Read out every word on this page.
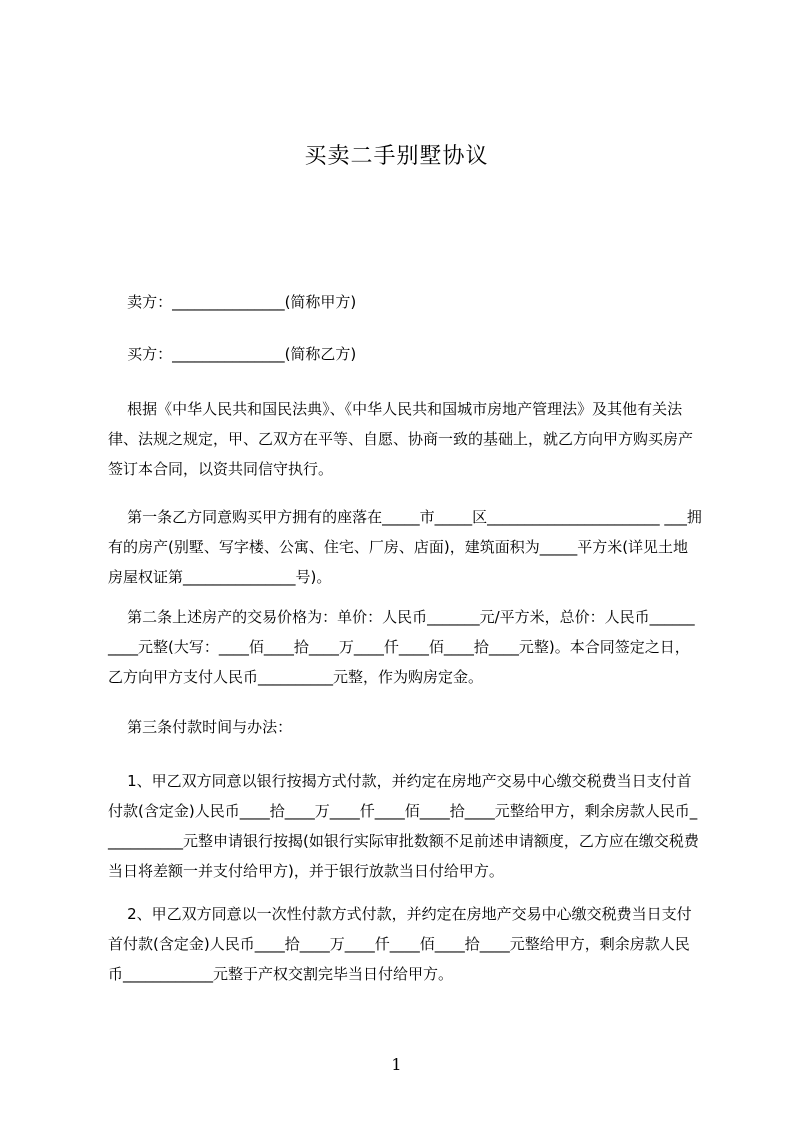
买卖二手别墅协议
卖方：_______________(简称甲方)
买方：_______________(简称乙方)
根据《中华人民共和国民法典》、《中华人民共和国城市房地产管理法》及其他有关法律、法规之规定，甲、乙双方在平等、自愿、协商一致的基础上，就乙方向甲方购买房产签订本合同，以资共同信守执行。
第一条乙方同意购买甲方拥有的座落在_____市_____区_______________________ ___拥有的房产(别墅、写字楼、公寓、住宅、厂房、店面)，建筑面积为_____平方米(详见土地房屋权证第_______________号)。
第二条上述房产的交易价格为：单价：人民币_______元/平方米，总价：人民币__________元整(大写：____佰____拾____万____仟____佰____拾____元整)。本合同签定之日，乙方向甲方支付人民币__________元整，作为购房定金。
第三条付款时间与办法：
1、甲乙双方同意以银行按揭方式付款，并约定在房地产交易中心缴交税费当日支付首付款(含定金)人民币____拾____万____仟____佰____拾____元整给甲方，剩余房款人民币___________元整申请银行按揭(如银行实际审批数额不足前述申请额度，乙方应在缴交税费当日将差额一并支付给甲方)，并于银行放款当日付给甲方。
2、甲乙双方同意以一次性付款方式付款，并约定在房地产交易中心缴交税费当日支付首付款(含定金)人民币____拾____万____仟____佰____拾____元整给甲方，剩余房款人民币____________元整于产权交割完毕当日付给甲方。
1
